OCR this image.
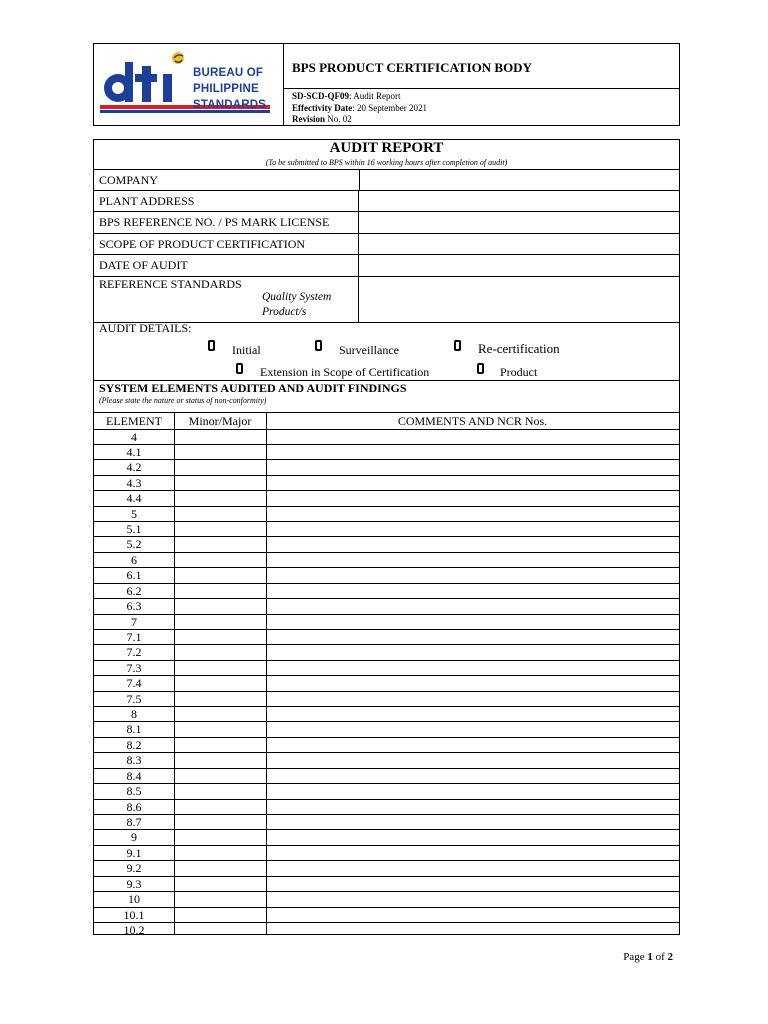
BUREAU OF
PHILIPPINE
STANDARDS
BPS PRODUCT CERTIFICATION BODY
SD-SCD-QF09: Audit Report
Effectivity Date: 20 September 2021
Revision No. 02
AUDIT REPORT
(To be submitted to BPS within 16 working hours after completion of audit)
COMPANY
PLANT ADDRESS
BPS REFERENCE NO. / PS MARK LICENSE
SCOPE OF PRODUCT CERTIFICATION
DATE OF AUDIT
REFERENCE STANDARDS
Quality System
Product/s
AUDIT DETAILS:
Initial	Surveillance	Re-certification
Extension in Scope of Certification	Product
SYSTEM ELEMENTS AUDITED AND AUDIT FINDINGS
(Please state the nature or status of non-conformity)
ELEMENT	Minor/Major	COMMENTS AND NCR Nos.
4
4.1
4.2
4.3
4.4
5
5.1
5.2
6
6.1
6.2
6.3
7
7.1
7.2
7.3
7.4
7.5
8
8.1
8.2
8.3
8.4
8.5
8.6
8.7
9
9.1
9.2
9.3
10
10.1
10.2
Page 1 of 2
